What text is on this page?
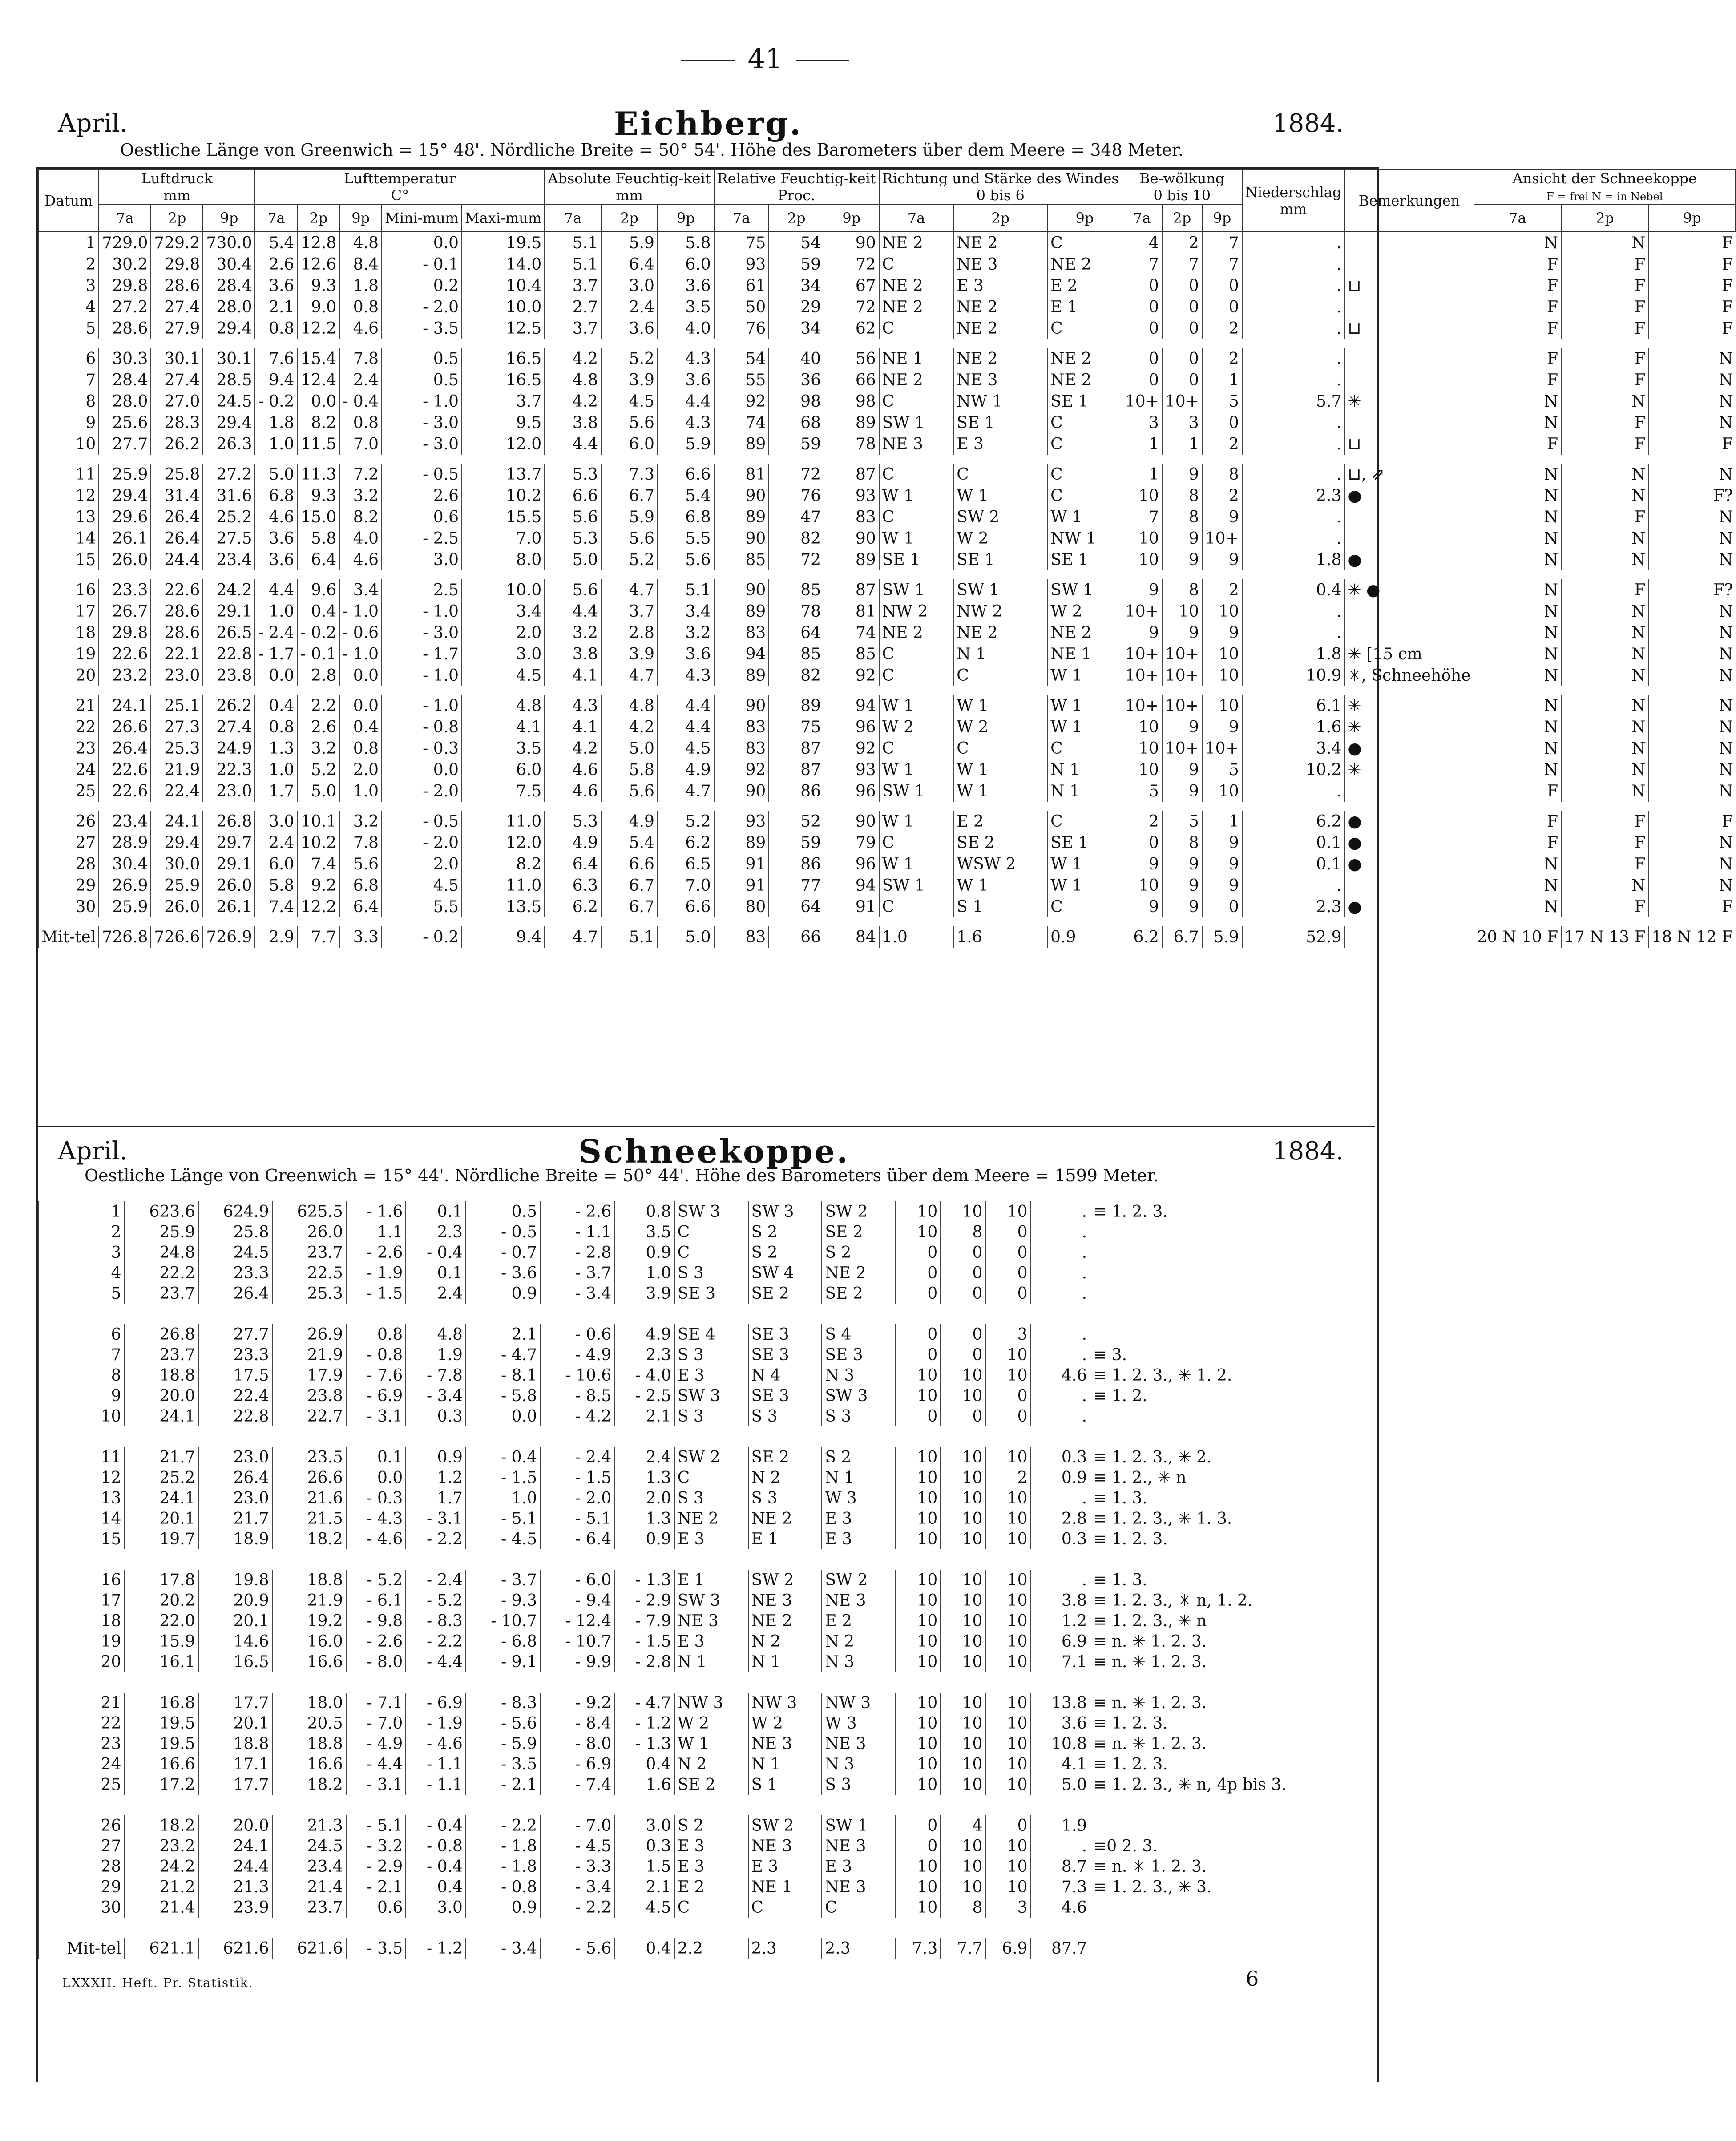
41
April.	Eichberg.	1884.
Oestliche Länge von Greenwich = 15° 48'. Nördliche Breite = 50° 54'. Höhe des Barometers über dem Meere = 348 Meter.
Datum	Luftdruck
mm			Lufttemperatur
C°					Absolute Feuchtig-keit
mm			Relative Feuchtig-keit
Proc.			Richtung und Stärke des Windes
0 bis 6			Be-wölkung
0 bis 10			Niederschlag
mm	Bemerkungen	Ansicht der Schneekoppe
F = frei N = in Nebel		
	7a	2p	9p	7a	2p	9p	Mini-mum	Maxi-mum	7a	2p	9p	7a	2p	9p	7a	2p	9p	7a	2p	9p			7a	2p	9p
1	729.0	729.2	730.0	5.4	12.8	4.8	0.0	19.5	5.1	5.9	5.8	75	54	90	NE 2	NE 2	C	4	2	7	.		N	N	F
2	30.2	29.8	30.4	2.6	12.6	8.4	- 0.1	14.0	5.1	6.4	6.0	93	59	72	C	NE 3	NE 2	7	7	7	.		F	F	F
3	29.8	28.6	28.4	3.6	9.3	1.8	0.2	10.4	3.7	3.0	3.6	61	34	67	NE 2	E 3	E 2	0	0	0	.	⊔	F	F	F
4	27.2	27.4	28.0	2.1	9.0	0.8	- 2.0	10.0	2.7	2.4	3.5	50	29	72	NE 2	NE 2	E 1	0	0	0	.		F	F	F
5	28.6	27.9	29.4	0.8	12.2	4.6	- 3.5	12.5	3.7	3.6	4.0	76	34	62	C	NE 2	C	0	0	2	.	⊔	F	F	F

6	30.3	30.1	30.1	7.6	15.4	7.8	0.5	16.5	4.2	5.2	4.3	54	40	56	NE 1	NE 2	NE 2	0	0	2	.		F	F	N
7	28.4	27.4	28.5	9.4	12.4	2.4	0.5	16.5	4.8	3.9	3.6	55	36	66	NE 2	NE 3	NE 2	0	0	1	.		F	F	N
8	28.0	27.0	24.5	- 0.2	0.0	- 0.4	- 1.0	3.7	4.2	4.5	4.4	92	98	98	C	NW 1	SE 1	10+	10+	5	5.7	✳	N	N	N
9	25.6	28.3	29.4	1.8	8.2	0.8	- 3.0	9.5	3.8	5.6	4.3	74	68	89	SW 1	SE 1	C	3	3	0	.		N	F	N
10	27.7	26.2	26.3	1.0	11.5	7.0	- 3.0	12.0	4.4	6.0	5.9	89	59	78	NE 3	E 3	C	1	1	2	.	⊔	F	F	F

11	25.9	25.8	27.2	5.0	11.3	7.2	- 0.5	13.7	5.3	7.3	6.6	81	72	87	C	C	C	1	9	8	.	⊔, ⇗	N	N	N
12	29.4	31.4	31.6	6.8	9.3	3.2	2.6	10.2	6.6	6.7	5.4	90	76	93	W 1	W 1	C	10	8	2	2.3	●	N	N	F?
13	29.6	26.4	25.2	4.6	15.0	8.2	0.6	15.5	5.6	5.9	6.8	89	47	83	C	SW 2	W 1	7	8	9	.		N	F	N
14	26.1	26.4	27.5	3.6	5.8	4.0	- 2.5	7.0	5.3	5.6	5.5	90	82	90	W 1	W 2	NW 1	10	9	10+	.		N	N	N
15	26.0	24.4	23.4	3.6	6.4	4.6	3.0	8.0	5.0	5.2	5.6	85	72	89	SE 1	SE 1	SE 1	10	9	9	1.8	●	N	N	N

16	23.3	22.6	24.2	4.4	9.6	3.4	2.5	10.0	5.6	4.7	5.1	90	85	87	SW 1	SW 1	SW 1	9	8	2	0.4	✳ ●	N	F	F?
17	26.7	28.6	29.1	1.0	0.4	- 1.0	- 1.0	3.4	4.4	3.7	3.4	89	78	81	NW 2	NW 2	W 2	10+	10	10	.		N	N	N
18	29.8	28.6	26.5	- 2.4	- 0.2	- 0.6	- 3.0	2.0	3.2	2.8	3.2	83	64	74	NE 2	NE 2	NE 2	9	9	9	.		N	N	N
19	22.6	22.1	22.8	- 1.7	- 0.1	- 1.0	- 1.7	3.0	3.8	3.9	3.6	94	85	85	C	N 1	NE 1	10+	10+	10	1.8	✳ [15 cm	N	N	N
20	23.2	23.0	23.8	0.0	2.8	0.0	- 1.0	4.5	4.1	4.7	4.3	89	82	92	C	C	W 1	10+	10+	10	10.9	✳, Schneehöhe	N	N	N

21	24.1	25.1	26.2	0.4	2.2	0.0	- 1.0	4.8	4.3	4.8	4.4	90	89	94	W 1	W 1	W 1	10+	10+	10	6.1	✳	N	N	N
22	26.6	27.3	27.4	0.8	2.6	0.4	- 0.8	4.1	4.1	4.2	4.4	83	75	96	W 2	W 2	W 1	10	9	9	1.6	✳	N	N	N
23	26.4	25.3	24.9	1.3	3.2	0.8	- 0.3	3.5	4.2	5.0	4.5	83	87	92	C	C	C	10	10+	10+	3.4	●	N	N	N
24	22.6	21.9	22.3	1.0	5.2	2.0	0.0	6.0	4.6	5.8	4.9	92	87	93	W 1	W 1	N 1	10	9	5	10.2	✳	N	N	N
25	22.6	22.4	23.0	1.7	5.0	1.0	- 2.0	7.5	4.6	5.6	4.7	90	86	96	SW 1	W 1	N 1	5	9	10	.		F	N	N

26	23.4	24.1	26.8	3.0	10.1	3.2	- 0.5	11.0	5.3	4.9	5.2	93	52	90	W 1	E 2	C	2	5	1	6.2	●	F	F	F
27	28.9	29.4	29.7	2.4	10.2	7.8	- 2.0	12.0	4.9	5.4	6.2	89	59	79	C	SE 2	SE 1	0	8	9	0.1	●	F	F	N
28	30.4	30.0	29.1	6.0	7.4	5.6	2.0	8.2	6.4	6.6	6.5	91	86	96	W 1	WSW 2	W 1	9	9	9	0.1	●	N	F	N
29	26.9	25.9	26.0	5.8	9.2	6.8	4.5	11.0	6.3	6.7	7.0	91	77	94	SW 1	W 1	W 1	10	9	9	.		N	N	N
30	25.9	26.0	26.1	7.4	12.2	6.4	5.5	13.5	6.2	6.7	6.6	80	64	91	C	S 1	C	9	9	0	2.3	●	N	F	F

Mit-tel	726.8	726.6	726.9	2.9	7.7	3.3	- 0.2	9.4	4.7	5.1	5.0	83	66	84	1.0	1.6	0.9	6.2	6.7	5.9	52.9		20 N 10 F	17 N 13 F	18 N 12 F
April.	Schneekoppe.	1884.
Oestliche Länge von Greenwich = 15° 44'. Nördliche Breite = 50° 44'. Höhe des Barometers über dem Meere = 1599 Meter.
1	623.6	624.9	625.5	- 1.6	0.1	0.5	- 2.6	0.8	SW 3	SW 3	SW 2	10	10	10	.	≡ 1. 2. 3.
2	25.9	25.8	26.0	1.1	2.3	- 0.5	- 1.1	3.5	C	S 2	SE 2	10	8	0	.	
3	24.8	24.5	23.7	- 2.6	- 0.4	- 0.7	- 2.8	0.9	C	S 2	S 2	0	0	0	.	
4	22.2	23.3	22.5	- 1.9	0.1	- 3.6	- 3.7	1.0	S 3	SW 4	NE 2	0	0	0	.	
5	23.7	26.4	25.3	- 1.5	2.4	0.9	- 3.4	3.9	SE 3	SE 2	SE 2	0	0	0	.	

6	26.8	27.7	26.9	0.8	4.8	2.1	- 0.6	4.9	SE 4	SE 3	S 4	0	0	3	.	
7	23.7	23.3	21.9	- 0.8	1.9	- 4.7	- 4.9	2.3	S 3	SE 3	SE 3	0	0	10	.	≡ 3.
8	18.8	17.5	17.9	- 7.6	- 7.8	- 8.1	- 10.6	- 4.0	E 3	N 4	N 3	10	10	10	4.6	≡ 1. 2. 3., ✳ 1. 2.
9	20.0	22.4	23.8	- 6.9	- 3.4	- 5.8	- 8.5	- 2.5	SW 3	SE 3	SW 3	10	10	0	.	≡ 1. 2.
10	24.1	22.8	22.7	- 3.1	0.3	0.0	- 4.2	2.1	S 3	S 3	S 3	0	0	0	.	

11	21.7	23.0	23.5	0.1	0.9	- 0.4	- 2.4	2.4	SW 2	SE 2	S 2	10	10	10	0.3	≡ 1. 2. 3., ✳ 2.
12	25.2	26.4	26.6	0.0	1.2	- 1.5	- 1.5	1.3	C	N 2	N 1	10	10	2	0.9	≡ 1. 2., ✳ n
13	24.1	23.0	21.6	- 0.3	1.7	1.0	- 2.0	2.0	S 3	S 3	W 3	10	10	10	.	≡ 1. 3.
14	20.1	21.7	21.5	- 4.3	- 3.1	- 5.1	- 5.1	1.3	NE 2	NE 2	E 3	10	10	10	2.8	≡ 1. 2. 3., ✳ 1. 3.
15	19.7	18.9	18.2	- 4.6	- 2.2	- 4.5	- 6.4	0.9	E 3	E 1	E 3	10	10	10	0.3	≡ 1. 2. 3.

16	17.8	19.8	18.8	- 5.2	- 2.4	- 3.7	- 6.0	- 1.3	E 1	SW 2	SW 2	10	10	10	.	≡ 1. 3.
17	20.2	20.9	21.9	- 6.1	- 5.2	- 9.3	- 9.4	- 2.9	SW 3	NE 3	NE 3	10	10	10	3.8	≡ 1. 2. 3., ✳ n, 1. 2.
18	22.0	20.1	19.2	- 9.8	- 8.3	- 10.7	- 12.4	- 7.9	NE 3	NE 2	E 2	10	10	10	1.2	≡ 1. 2. 3., ✳ n
19	15.9	14.6	16.0	- 2.6	- 2.2	- 6.8	- 10.7	- 1.5	E 3	N 2	N 2	10	10	10	6.9	≡ n. ✳ 1. 2. 3.
20	16.1	16.5	16.6	- 8.0	- 4.4	- 9.1	- 9.9	- 2.8	N 1	N 1	N 3	10	10	10	7.1	≡ n. ✳ 1. 2. 3.

21	16.8	17.7	18.0	- 7.1	- 6.9	- 8.3	- 9.2	- 4.7	NW 3	NW 3	NW 3	10	10	10	13.8	≡ n. ✳ 1. 2. 3.
22	19.5	20.1	20.5	- 7.0	- 1.9	- 5.6	- 8.4	- 1.2	W 2	W 2	W 3	10	10	10	3.6	≡ 1. 2. 3.
23	19.5	18.8	18.8	- 4.9	- 4.6	- 5.9	- 8.0	- 1.3	W 1	NE 3	NE 3	10	10	10	10.8	≡ n. ✳ 1. 2. 3.
24	16.6	17.1	16.6	- 4.4	- 1.1	- 3.5	- 6.9	0.4	N 2	N 1	N 3	10	10	10	4.1	≡ 1. 2. 3.
25	17.2	17.7	18.2	- 3.1	- 1.1	- 2.1	- 7.4	1.6	SE 2	S 1	S 3	10	10	10	5.0	≡ 1. 2. 3., ✳ n, 4p bis 3.

26	18.2	20.0	21.3	- 5.1	- 0.4	- 2.2	- 7.0	3.0	S 2	SW 2	SW 1	0	4	0	1.9	
27	23.2	24.1	24.5	- 3.2	- 0.8	- 1.8	- 4.5	0.3	E 3	NE 3	NE 3	0	10	10	.	≡0 2. 3.
28	24.2	24.4	23.4	- 2.9	- 0.4	- 1.8	- 3.3	1.5	E 3	E 3	E 3	10	10	10	8.7	≡ n. ✳ 1. 2. 3.
29	21.2	21.3	21.4	- 2.1	0.4	- 0.8	- 3.4	2.1	E 2	NE 1	NE 3	10	10	10	7.3	≡ 1. 2. 3., ✳ 3.
30	21.4	23.9	23.7	0.6	3.0	0.9	- 2.2	4.5	C	C	C	10	8	3	4.6	

Mit-tel	621.1	621.6	621.6	- 3.5	- 1.2	- 3.4	- 5.6	0.4	2.2	2.3	2.3	7.3	7.7	6.9	87.7	
LXXXII. Heft. Pr. Statistik.	6
